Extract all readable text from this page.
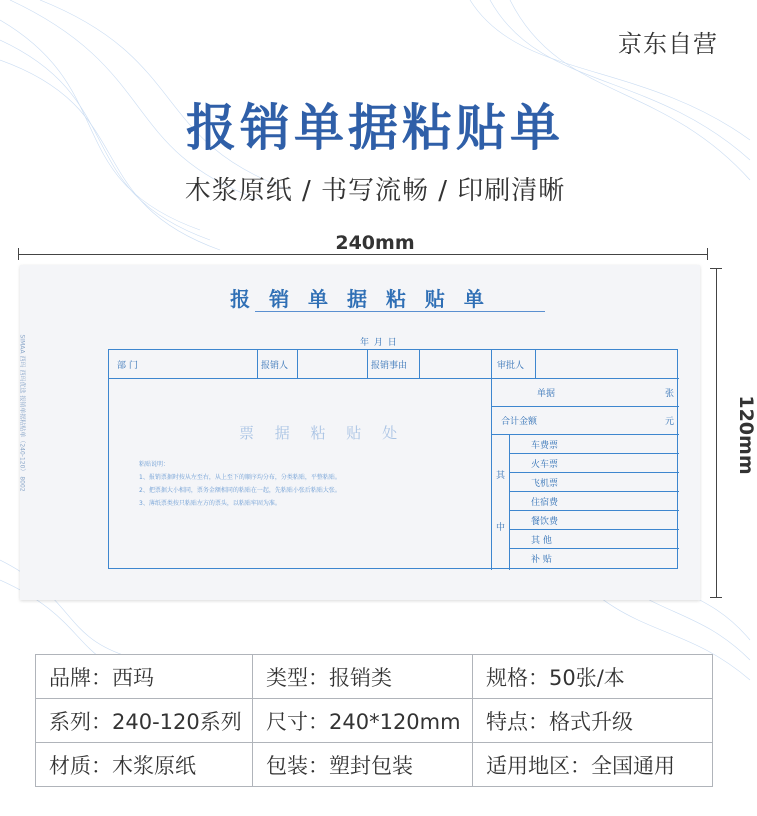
京东自营
报销单据粘贴单
木浆原纸 / 书写流畅 / 印刷清晰
240mm
120mm
报 销 单 据 粘 贴 单
年 月 日
SIMAA 西玛 西玛优选 报销单据粘贴单（240-120） 8002	部 门	报销人	报销事由	审批人
票 据 粘 贴 处
粘贴说明：
1、报销票据时按从左至右，从上至下的顺序均分布，分类粘贴，平整粘贴。
2、把票据大小相同，票务金额相同的粘贴在一起，先粘贴小张后粘贴大张。
3、薄纸票类按只粘贴左方的票头，以粘贴牢固为准。
单据	张
合计金额	元
其
中
车费票
火车票
飞机票
住宿费
餐饮费
其 他
补 贴
品牌：西玛	类型：报销类	规格：50张/本
系列：240-120系列	尺寸：240*120mm	特点：格式升级
材质：木浆原纸	包装：塑封包装	适用地区：全国通用
